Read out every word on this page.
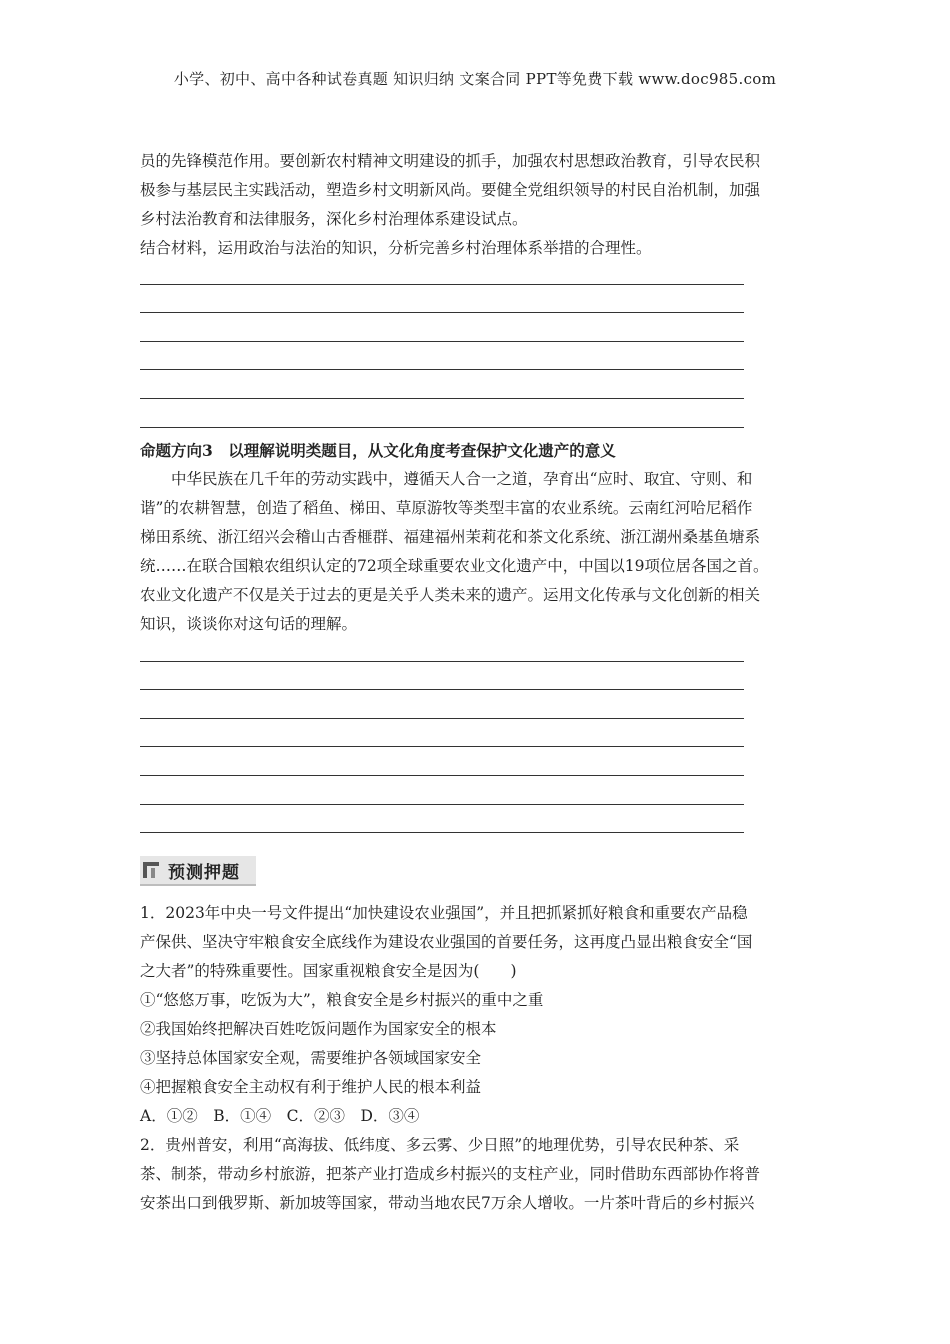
小学、初中、高中各种试卷真题 知识归纳 文案合同 PPT等免费下载 www.doc985.com

员的先锋模范作用。要创新农村精神文明建设的抓手，加强农村思想政治教育，引导农民积

极参与基层民主实践活动，塑造乡村文明新风尚。要健全党组织领导的村民自治机制，加强

乡村法治教育和法律服务，深化乡村治理体系建设试点。

结合材料，运用政治与法治的知识，分析完善乡村治理体系举措的合理性。

命题方向3　以理解说明类题目，从文化角度考查保护文化遗产的意义

中华民族在几千年的劳动实践中，遵循天人合一之道，孕育出“应时、取宜、守则、和

谐”的农耕智慧，创造了稻鱼、梯田、草原游牧等类型丰富的农业系统。云南红河哈尼稻作

梯田系统、浙江绍兴会稽山古香榧群、福建福州茉莉花和茶文化系统、浙江湖州桑基鱼塘系

统……在联合国粮农组织认定的72项全球重要农业文化遗产中，中国以19项位居各国之首。

农业文化遗产不仅是关于过去的更是关乎人类未来的遗产。运用文化传承与文化创新的相关

知识，谈谈你对这句话的理解。

预测押题

1．2023年中央一号文件提出“加快建设农业强国”，并且把抓紧抓好粮食和重要农产品稳

产保供、坚决守牢粮食安全底线作为建设农业强国的首要任务，这再度凸显出粮食安全“国

之大者”的特殊重要性。国家重视粮食安全是因为(　　)

①“悠悠万事，吃饭为大”，粮食安全是乡村振兴的重中之重

②我国始终把解决百姓吃饭问题作为国家安全的根本

③坚持总体国家安全观，需要维护各领域国家安全

④把握粮食安全主动权有利于维护人民的根本利益

A．①②　B．①④　C．②③　D．③④

2．贵州普安，利用“高海拔、低纬度、多云雾、少日照”的地理优势，引导农民种茶、采

茶、制茶，带动乡村旅游，把茶产业打造成乡村振兴的支柱产业，同时借助东西部协作将普

安茶出口到俄罗斯、新加坡等国家，带动当地农民7万余人增收。一片茶叶背后的乡村振兴
